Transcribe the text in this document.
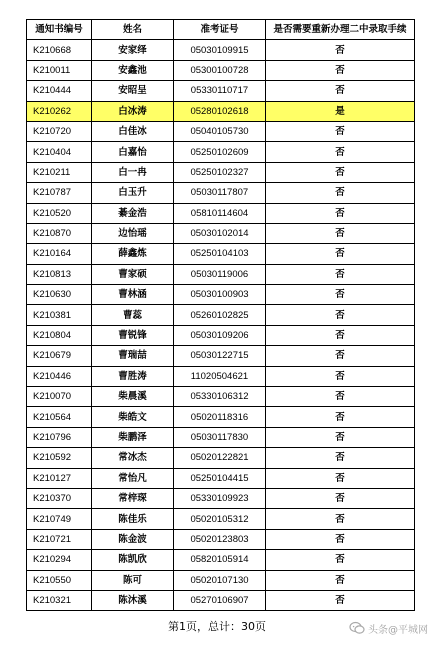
通知书编号	姓名	准考证号	是否需要重新办理二中录取手续
K210668	安家绎	05030109915	否
K210011	安鑫池	05300100728	否
K210444	安昭呈	05330110717	否
K210262	白冰涛	05280102618	是
K210720	白佳冰	05040105730	否
K210404	白嘉怡	05250102609	否
K210211	白一冉	05250102327	否
K210787	白玉升	05030117807	否
K210520	綦金浩	05810114604	否
K210870	边怡瑶	05030102014	否
K210164	薛鑫炼	05250104103	否
K210813	曹家硕	05030119006	否
K210630	曹林涵	05030100903	否
K210381	曹蕊	05260102825	否
K210804	曹锐锋	05030109206	否
K210679	曹瑞喆	05030122715	否
K210446	曹胜涛	11020504621	否
K210070	柴晨溪	05330106312	否
K210564	柴皓文	05020118316	否
K210796	柴鹏泽	05030117830	否
K210592	常冰杰	05020122821	否
K210127	常怡凡	05250104415	否
K210370	常梓琛	05330109923	否
K210749	陈佳乐	05020105312	否
K210721	陈金波	05020123803	否
K210294	陈凯欣	05820105914	否
K210550	陈可	05020107130	否
K210321	陈沐溪	05270106907	否
第1页，总计：30页	头条@平城网
